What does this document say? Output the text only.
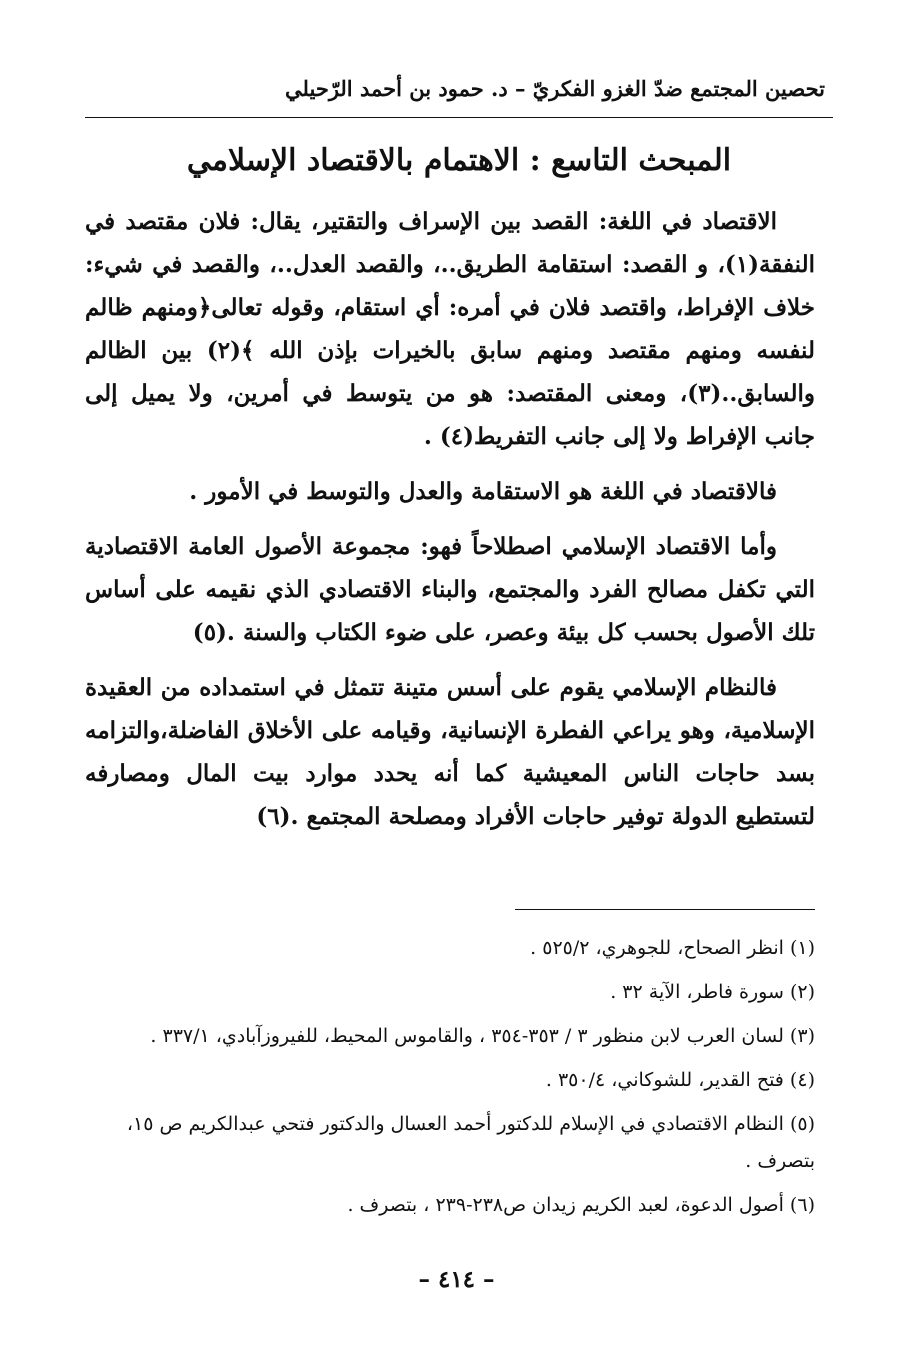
تحصين المجتمع ضدّ الغزو الفكريّ – د. حمود بن أحمد الرّحيلي
المبحث التاسع : الاهتمام بالاقتصاد الإسلامي

الاقتصاد في اللغة: القصد بين الإسراف والتقتير، يقال: فلان مقتصد في النفقة(١)، و القصد: استقامة الطريق..، والقصد العدل..، والقصد في شيء: خلاف الإفراط، واقتصد فلان في أمره: أي استقام، وقوله تعالى﴿ومنهم ظالم لنفسه ومنهم مقتصد ومنهم سابق بالخيرات بإذن الله ﴾(٢) بين الظالم والسابق..(٣)، ومعنى المقتصد: هو من يتوسط في أمرين، ولا يميل إلى جانب الإفراط ولا إلى جانب التفريط(٤) .

فالاقتصاد في اللغة هو الاستقامة والعدل والتوسط في الأمور .

وأما الاقتصاد الإسلامي اصطلاحاً فهو: مجموعة الأصول العامة الاقتصادية التي تكفل مصالح الفرد والمجتمع، والبناء الاقتصادي الذي نقيمه على أساس تلك الأصول بحسب كل بيئة وعصر، على ضوء الكتاب والسنة .(٥)

فالنظام الإسلامي يقوم على أسس متينة تتمثل في استمداده من العقيدة الإسلامية، وهو يراعي الفطرة الإنسانية، وقيامه على الأخلاق الفاضلة،والتزامه بسد حاجات الناس المعيشية كما أنه يحدد موارد بيت المال ومصارفه لتستطيع الدولة توفير حاجات الأفراد ومصلحة المجتمع .(٦)

(١) انظر الصحاح، للجوهري، ٥٢٥/٢ .
(٢) سورة فاطر، الآية ٣٢ .
(٣) لسان العرب لابن منظور ٣ / ٣٥٣-٣٥٤ ، والقاموس المحيط، للفيروزآبادي، ٣٣٧/١ .
(٤) فتح القدير، للشوكاني، ٣٥٠/٤ .
(٥) النظام الاقتصادي في الإسلام للدكتور أحمد العسال والدكتور فتحي عبدالكريم ص ١٥، بتصرف .
(٦) أصول الدعوة، لعبد الكريم زيدان ص٢٣٨-٢٣٩ ، بتصرف .
– ٤١٤ –
